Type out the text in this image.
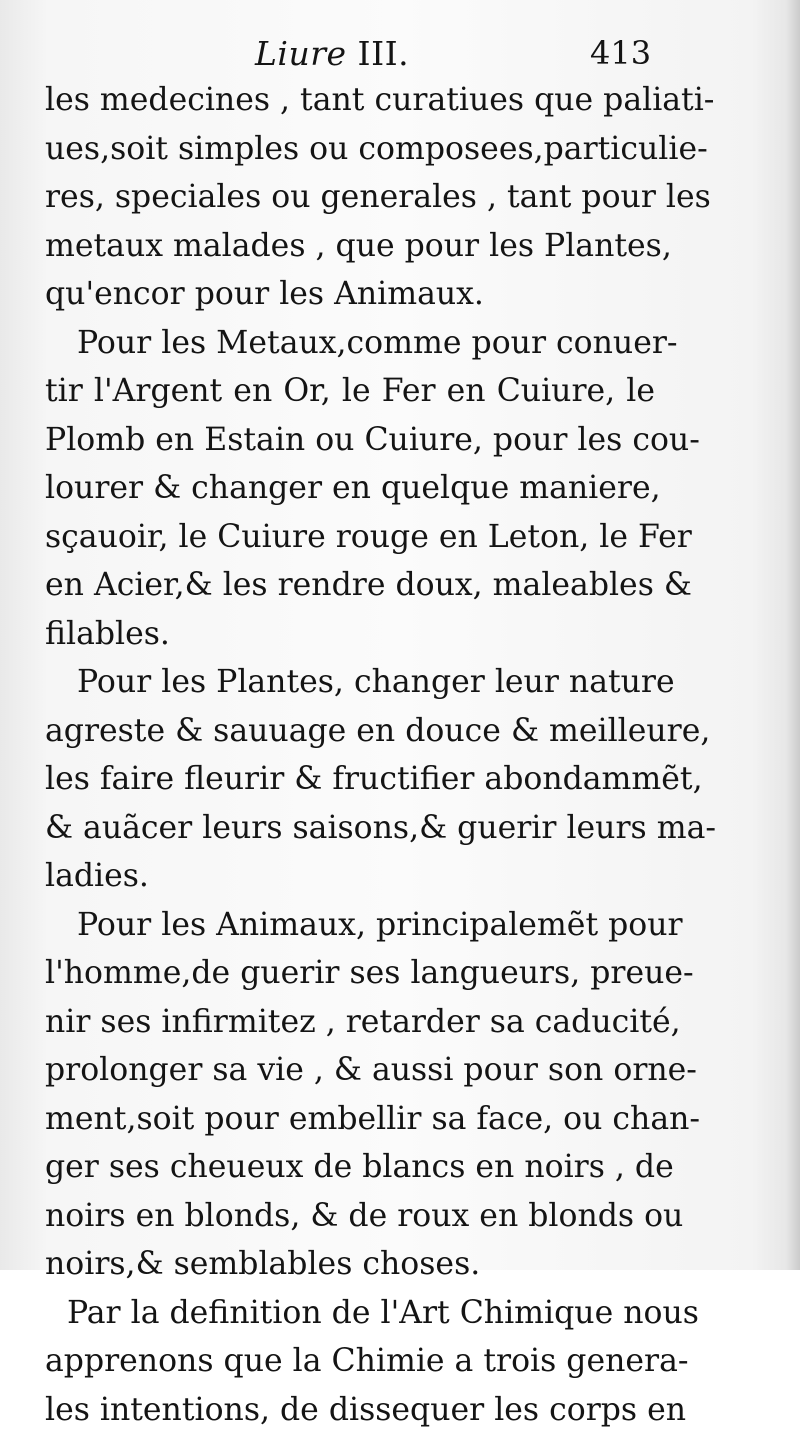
Liure III.	413
les medecines , tant curatiues que paliati-
ues,soit simples ou composees,particulie-
res, speciales ou generales , tant pour les
metaux malades , que pour les Plantes,
qu'encor pour les Animaux.
Pour les Metaux,comme pour conuer-
tir l'Argent en Or, le Fer en Cuiure, le
Plomb en Estain ou Cuiure, pour les cou-
lourer & changer en quelque maniere,
sçauoir, le Cuiure rouge en Leton, le Fer
en Acier,& les rendre doux, maleables &
filables.
Pour les Plantes, changer leur nature
agreste & sauuage en douce & meilleure,
les faire fleurir & fructifier abondammẽt,
& auãcer leurs saisons,& guerir leurs ma-
ladies.
Pour les Animaux, principalemẽt pour
l'homme,de guerir ses langueurs, preue-
nir ses infirmitez , retarder sa caducité,
prolonger sa vie , & aussi pour son orne-
ment,soit pour embellir sa face, ou chan-
ger ses cheueux de blancs en noirs , de
noirs en blonds, & de roux en blonds ou
noirs,& semblables choses.
Par la definition de l'Art Chimique nous
apprenons que la Chimie a trois genera-
les intentions, de dissequer les corps en
